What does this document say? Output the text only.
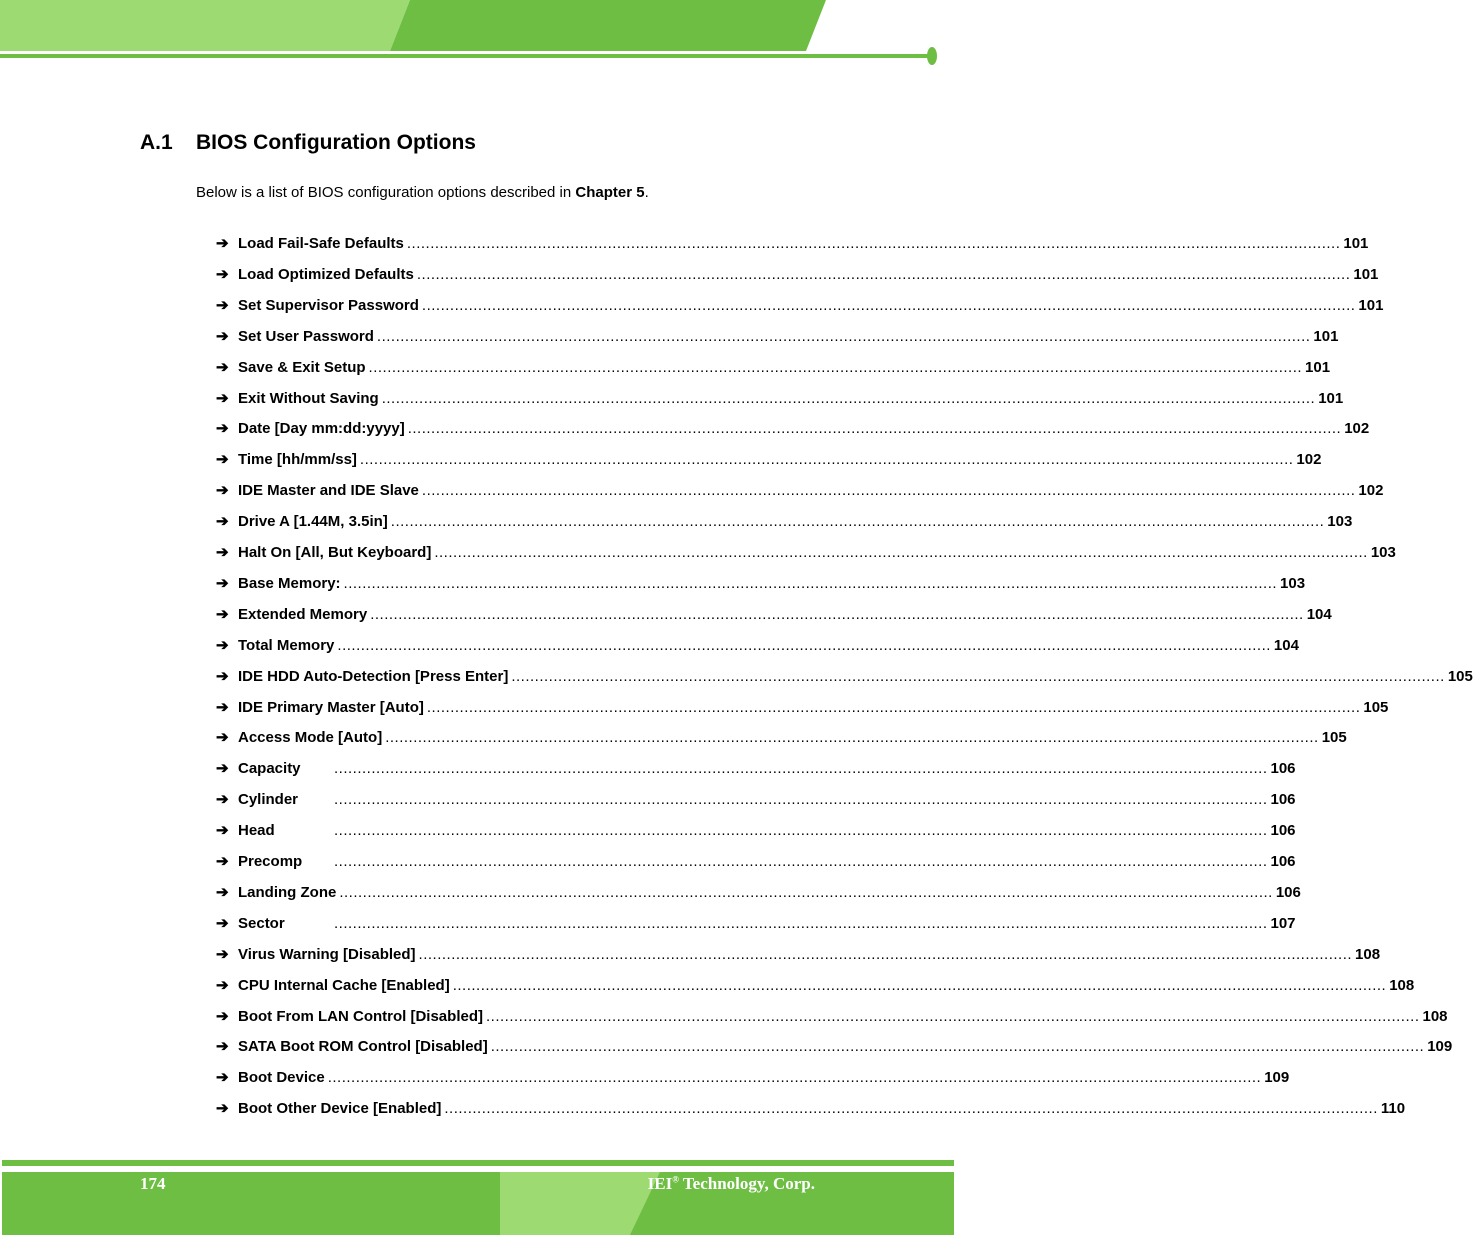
A.1 BIOS Configuration Options
Below is a list of BIOS configuration options described in Chapter 5.
➔ Load Fail-Safe Defaults ........................................................................................................................................................................................................ 101
➔ Load Optimized Defaults ........................................................................................................................................................................................................ 101
➔ Set Supervisor Password ........................................................................................................................................................................................................ 101
➔ Set User Password ........................................................................................................................................................................................................ 101
➔ Save & Exit Setup ........................................................................................................................................................................................................ 101
➔ Exit Without Saving ........................................................................................................................................................................................................ 101
➔ Date [Day mm:dd:yyyy] ........................................................................................................................................................................................................ 102
➔ Time [hh/mm/ss] ........................................................................................................................................................................................................ 102
➔ IDE Master and IDE Slave ........................................................................................................................................................................................................ 102
➔ Drive A [1.44M, 3.5in] ........................................................................................................................................................................................................ 103
➔ Halt On [All, But Keyboard] ........................................................................................................................................................................................................ 103
➔ Base Memory: ........................................................................................................................................................................................................ 103
➔ Extended Memory ........................................................................................................................................................................................................ 104
➔ Total Memory ........................................................................................................................................................................................................ 104
➔ IDE HDD Auto-Detection [Press Enter] ........................................................................................................................................................................................................ 105
➔ IDE Primary Master [Auto] ........................................................................................................................................................................................................ 105
➔ Access Mode [Auto] ........................................................................................................................................................................................................ 105
➔ Capacity	........................................................................................................................................................................................................ 106
➔ Cylinder	........................................................................................................................................................................................................ 106
➔ Head	........................................................................................................................................................................................................ 106
➔ Precomp	........................................................................................................................................................................................................ 106
➔ Landing Zone ........................................................................................................................................................................................................ 106
➔ Sector	........................................................................................................................................................................................................ 107
➔ Virus Warning [Disabled] ........................................................................................................................................................................................................ 108
➔ CPU Internal Cache [Enabled] ........................................................................................................................................................................................................ 108
➔ Boot From LAN Control [Disabled] ........................................................................................................................................................................................................ 108
➔ SATA Boot ROM Control [Disabled] ........................................................................................................................................................................................................ 109
➔ Boot Device ........................................................................................................................................................................................................ 109
➔ Boot Other Device [Enabled] ........................................................................................................................................................................................................ 110
174	IEI® Technology, Corp.
